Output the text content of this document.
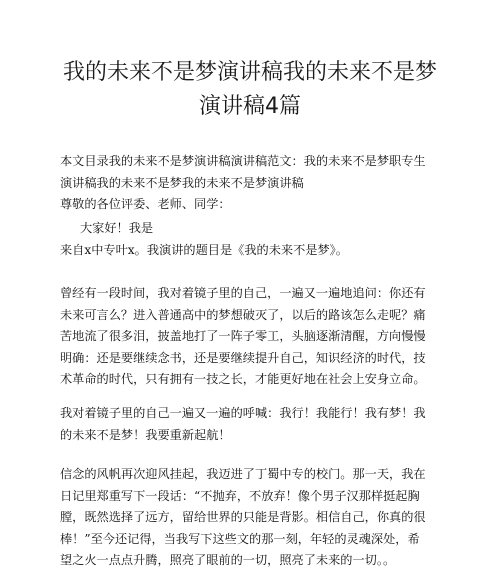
我的未来不是梦演讲稿我的未来不是梦
演讲稿4篇
本文目录我的未来不是梦演讲稿演讲稿范文：我的未来不是梦职专生
演讲稿我的未来不是梦我的未来不是梦演讲稿
尊敬的各位评委、老师、同学：
大家好！我是
来自x中专叶x。我演讲的题目是《我的未来不是梦》。
曾经有一段时间，我对着镜子里的自己，一遍又一遍地追问：你还有
未来可言么？进入普通高中的梦想破灭了，以后的路该怎么走呢？痛
苦地流了很多泪，披盖地打了一阵子零工，头脑逐渐清醒，方向慢慢
明确：还是要继续念书，还是要继续提升自己，知识经济的时代，技
术革命的时代，只有拥有一技之长，才能更好地在社会上安身立命。
我对着镜子里的自己一遍又一遍的呼喊：我行！我能行！我有梦！我
的未来不是梦！我要重新起航！
信念的风帆再次迎风挂起，我迈进了丁蜀中专的校门。那一天，我在
日记里郑重写下一段话：“不抛弃，不放弃！像个男子汉那样挺起胸
膛，既然选择了远方，留给世界的只能是背影。相信自己，你真的很
棒！”至今还记得，当我写下这些文的那一刻，年轻的灵魂深处，希
望之火一点点升腾，照亮了眼前的一切，照亮了未来的一切。。
